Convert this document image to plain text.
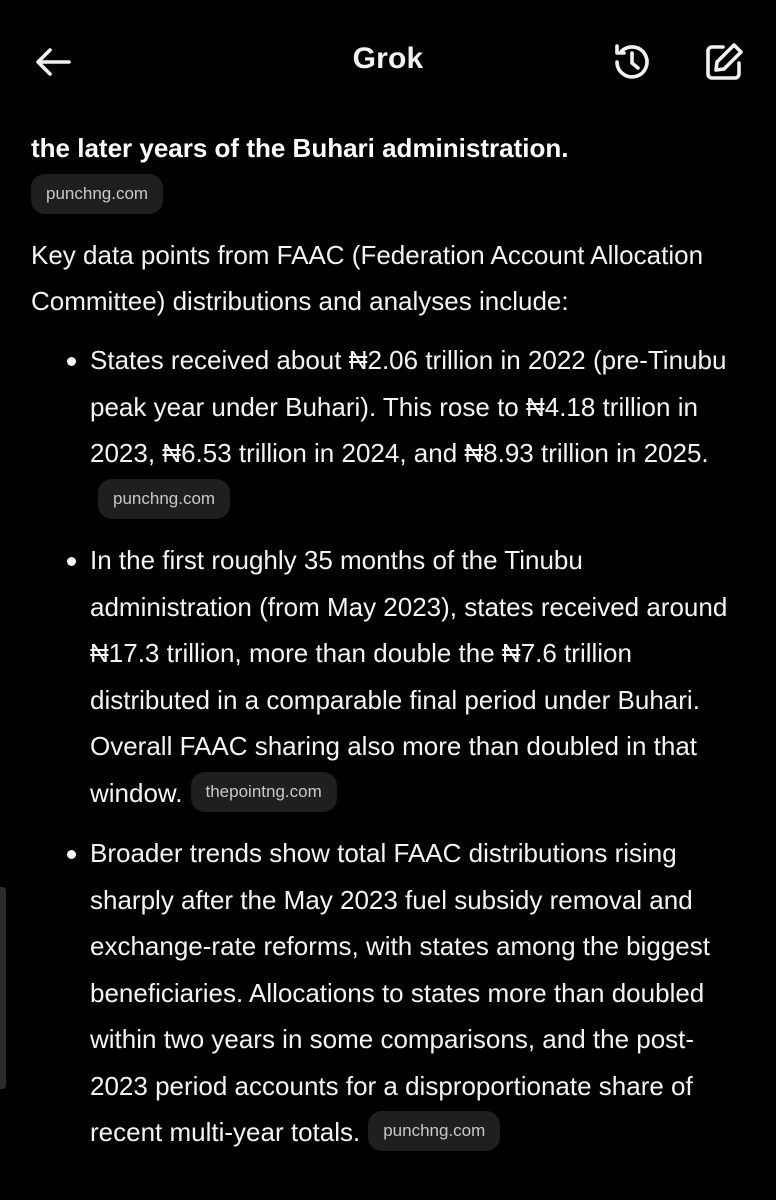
Grok
the later years of the Buhari administration.
punchng.com
Key data points from FAAC (Federation Account Allocation Committee) distributions and analyses include:
States received about ₦2.06 trillion in 2022 (pre-Tinubu peak year under Buhari). This rose to ₦4.18 trillion in 2023, ₦6.53 trillion in 2024, and ₦8.93 trillion in 2025.punchng.com
In the first roughly 35 months of the Tinubu administration (from May 2023), states received around ₦17.3 trillion, more than double the ₦7.6 trillion distributed in a comparable final period under Buhari. Overall FAAC sharing also more than doubled in that window. thepointng.com
Broader trends show total FAAC distributions rising sharply after the May 2023 fuel subsidy removal and exchange-rate reforms, with states among the biggest beneficiaries. Allocations to states more than doubled within two years in some comparisons, and the post-2023 period accounts for a disproportionate share of recent multi-year totals. punchng.com
